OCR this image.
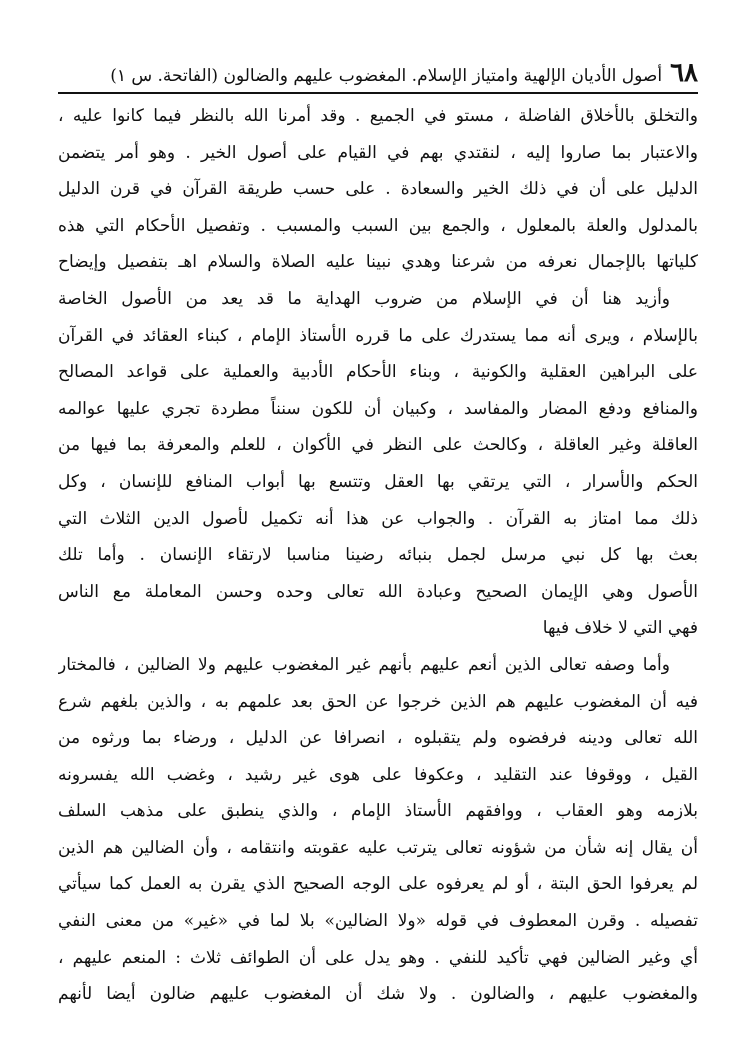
٦٨
أصول الأديان الإلهية وامتياز الإسلام. المغضوب عليهم والضالون (الفاتحة. س ١)
والتخلق بالأخلاق الفاضلة ، مستو في الجميع . وقد أمرنا الله بالنظر فيما كانوا عليه ،
والاعتبار بما صاروا إليه ، لنقتدي بهم في القيام على أصول الخير . وهو أمر يتضمن
الدليل على أن في ذلك الخير والسعادة . على حسب طريقة القرآن في قرن الدليل
بالمدلول والعلة بالمعلول ، والجمع بين السبب والمسبب . وتفصيل الأحكام التي هذه
كلياتها بالإجمال نعرفه من شرعنا وهدي نبينا عليه الصلاة والسلام اهـ بتفصيل وإيضاح
وأزيد هنا أن في الإسلام من ضروب الهداية ما قد يعد من الأصول الخاصة
بالإسلام ، ويرى أنه مما يستدرك على ما قرره الأستاذ الإمام ، كبناء العقائد في القرآن
على البراهين العقلية والكونية ، وبناء الأحكام الأدبية والعملية على قواعد المصالح
والمنافع ودفع المضار والمفاسد ، وكبيان أن للكون سنناً مطردة تجري عليها عوالمه
العاقلة وغير العاقلة ، وكالحث على النظر في الأكوان ، للعلم والمعرفة بما فيها من
الحكم والأسرار ، التي يرتقي بها العقل وتتسع بها أبواب المنافع للإنسان ، وكل
ذلك مما امتاز به القرآن . والجواب عن هذا أنه تكميل لأصول الدين الثلاث التي
بعث بها كل نبي مرسل لجمل بنبائه رضينا مناسبا لارتقاء الإنسان . وأما تلك
الأصول وهي الإيمان الصحيح وعبادة الله تعالى وحده وحسن المعاملة مع الناس
فهي التي لا خلاف فيها
وأما وصفه تعالى الذين أنعم عليهم بأنهم غير المغضوب عليهم ولا الضالين ، فالمختار
فيه أن المغضوب عليهم هم الذين خرجوا عن الحق بعد علمهم به ، والذين بلغهم شرع
الله تعالى ودينه فرفضوه ولم يتقبلوه ، انصرافا عن الدليل ، ورضاء بما ورثوه من
القيل ، ووقوفا عند التقليد ، وعكوفا على هوى غير رشيد ، وغضب الله يفسرونه
بلازمه وهو العقاب ، ووافقهم الأستاذ الإمام ، والذي ينطبق على مذهب السلف
أن يقال إنه شأن من شؤونه تعالى يترتب عليه عقوبته وانتقامه ، وأن الضالين هم الذين
لم يعرفوا الحق البتة ، أو لم يعرفوه على الوجه الصحيح الذي يقرن به العمل كما سيأتي
تفصيله . وقرن المعطوف في قوله «ولا الضالين» بلا لما في «غير» من معنى النفي
أي وغير الضالين فهي تأكيد للنفي . وهو يدل على أن الطوائف ثلاث : المنعم عليهم ،
والمغضوب عليهم ، والضالون . ولا شك أن المغضوب عليهم ضالون أيضا لأنهم
